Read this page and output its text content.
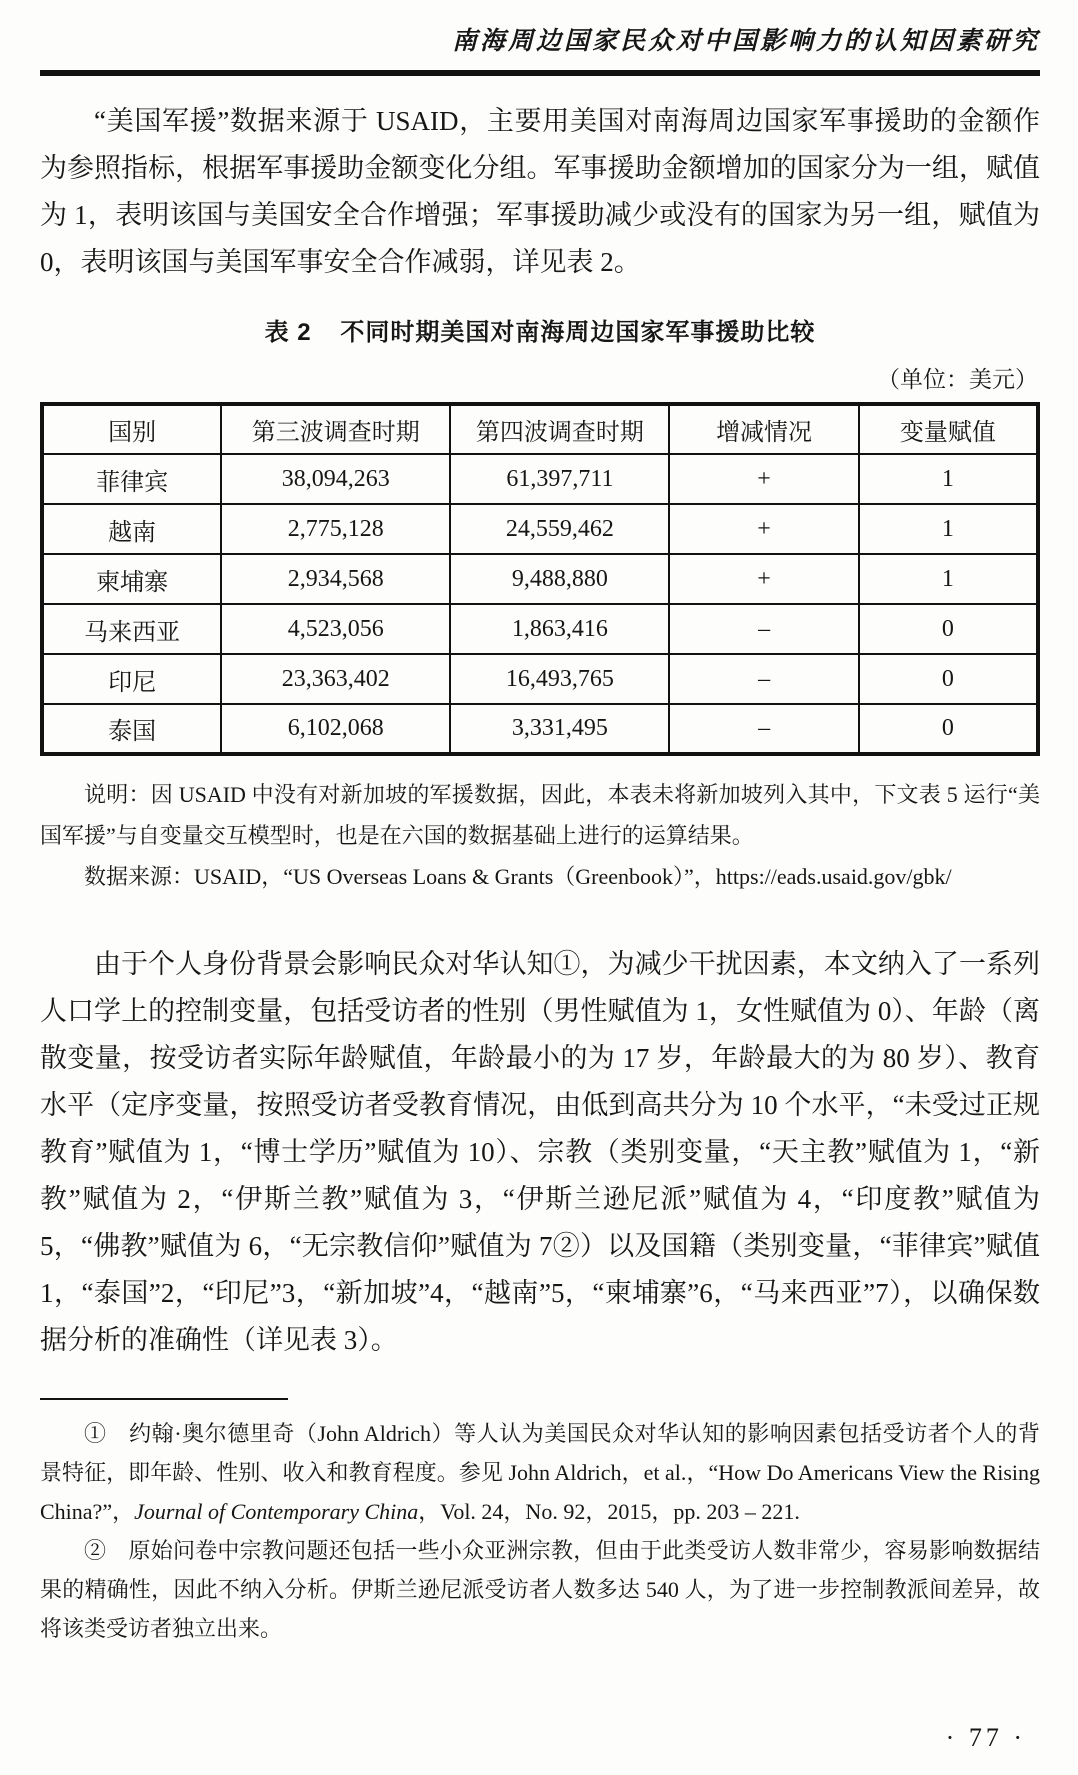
南海周边国家民众对中国影响力的认知因素研究

“美国军援”数据来源于 USAID，主要用美国对南海周边国家军事援助的金额作为参照指标，根据军事援助金额变化分组。军事援助金额增加的国家分为一组，赋值为 1，表明该国与美国安全合作增强；军事援助减少或没有的国家为另一组，赋值为 0，表明该国与美国军事安全合作减弱，详见表 2。

表 2 不同时期美国对南海周边国家军事援助比较
（单位：美元）
国别	第三波调查时期	第四波调查时期	增减情况	变量赋值
菲律宾	38,094,263	61,397,711	+	1
越南	2,775,128	24,559,462	+	1
柬埔寨	2,934,568	9,488,880	+	1
马来西亚	4,523,056	1,863,416	–	0
印尼	23,363,402	16,493,765	–	0
泰国	6,102,068	3,331,495	–	0

说明：因 USAID 中没有对新加坡的军援数据，因此，本表未将新加坡列入其中，下文表 5 运行“美国军援”与自变量交互模型时，也是在六国的数据基础上进行的运算结果。

数据来源：USAID，“US Overseas Loans & Grants（Greenbook）”，https://eads.usaid.gov/gbk/

由于个人身份背景会影响民众对华认知①，为减少干扰因素，本文纳入了一系列人口学上的控制变量，包括受访者的性别（男性赋值为 1，女性赋值为 0）、年龄（离散变量，按受访者实际年龄赋值，年龄最小的为 17 岁，年龄最大的为 80 岁）、教育水平（定序变量，按照受访者受教育情况，由低到高共分为 10 个水平，“未受过正规教育”赋值为 1，“博士学历”赋值为 10）、宗教（类别变量，“天主教”赋值为 1，“新教”赋值为 2，“伊斯兰教”赋值为 3，“伊斯兰逊尼派”赋值为 4，“印度教”赋值为 5，“佛教”赋值为 6，“无宗教信仰”赋值为 7②）以及国籍（类别变量，“菲律宾”赋值 1，“泰国”2，“印尼”3，“新加坡”4，“越南”5，“柬埔寨”6，“马来西亚”7），以确保数据分析的准确性（详见表 3）。

①　约翰·奥尔德里奇（John Aldrich）等人认为美国民众对华认知的影响因素包括受访者个人的背景特征，即年龄、性别、收入和教育程度。参见 John Aldrich，et al.，“How Do Americans View the Rising China?”，Journal of Contemporary China，Vol. 24，No. 92，2015，pp. 203 – 221.

②　原始问卷中宗教问题还包括一些小众亚洲宗教，但由于此类受访人数非常少，容易影响数据结果的精确性，因此不纳入分析。伊斯兰逊尼派受访者人数多达 540 人，为了进一步控制教派间差异，故将该类受访者独立出来。

· 77 ·
